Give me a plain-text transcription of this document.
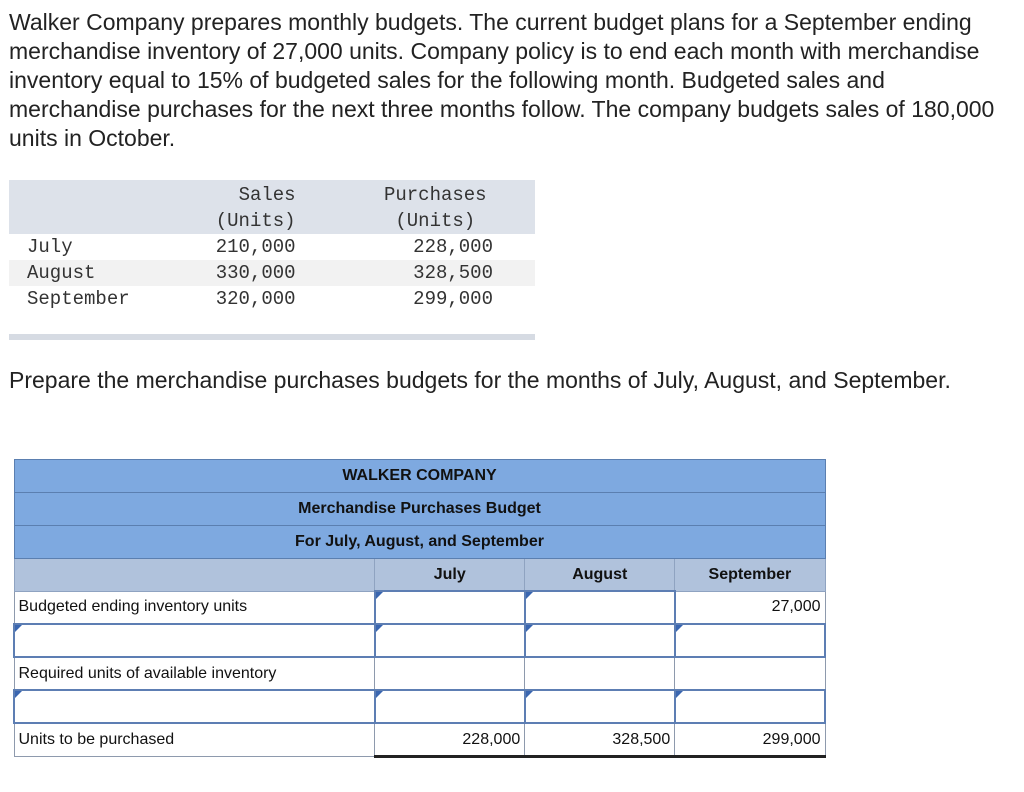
Walker Company prepares monthly budgets. The current budget plans for a September ending merchandise inventory of 27,000 units. Company policy is to end each month with merchandise inventory equal to 15% of budgeted sales for the following month. Budgeted sales and merchandise purchases for the next three months follow. The company budgets sales of 180,000 units in October.

	Sales	Purchases
	(Units)	(Units)
July	210,000	228,000
August	330,000	328,500
September	320,000	299,000

Prepare the merchandise purchases budgets for the months of July, August, and September.

WALKER COMPANY			
Merchandise Purchases Budget			
For July, August, and September			
	July	August	September
Budgeted ending inventory units			27,000

Required units of available inventory			

Units to be purchased	228,000	328,500	299,000
